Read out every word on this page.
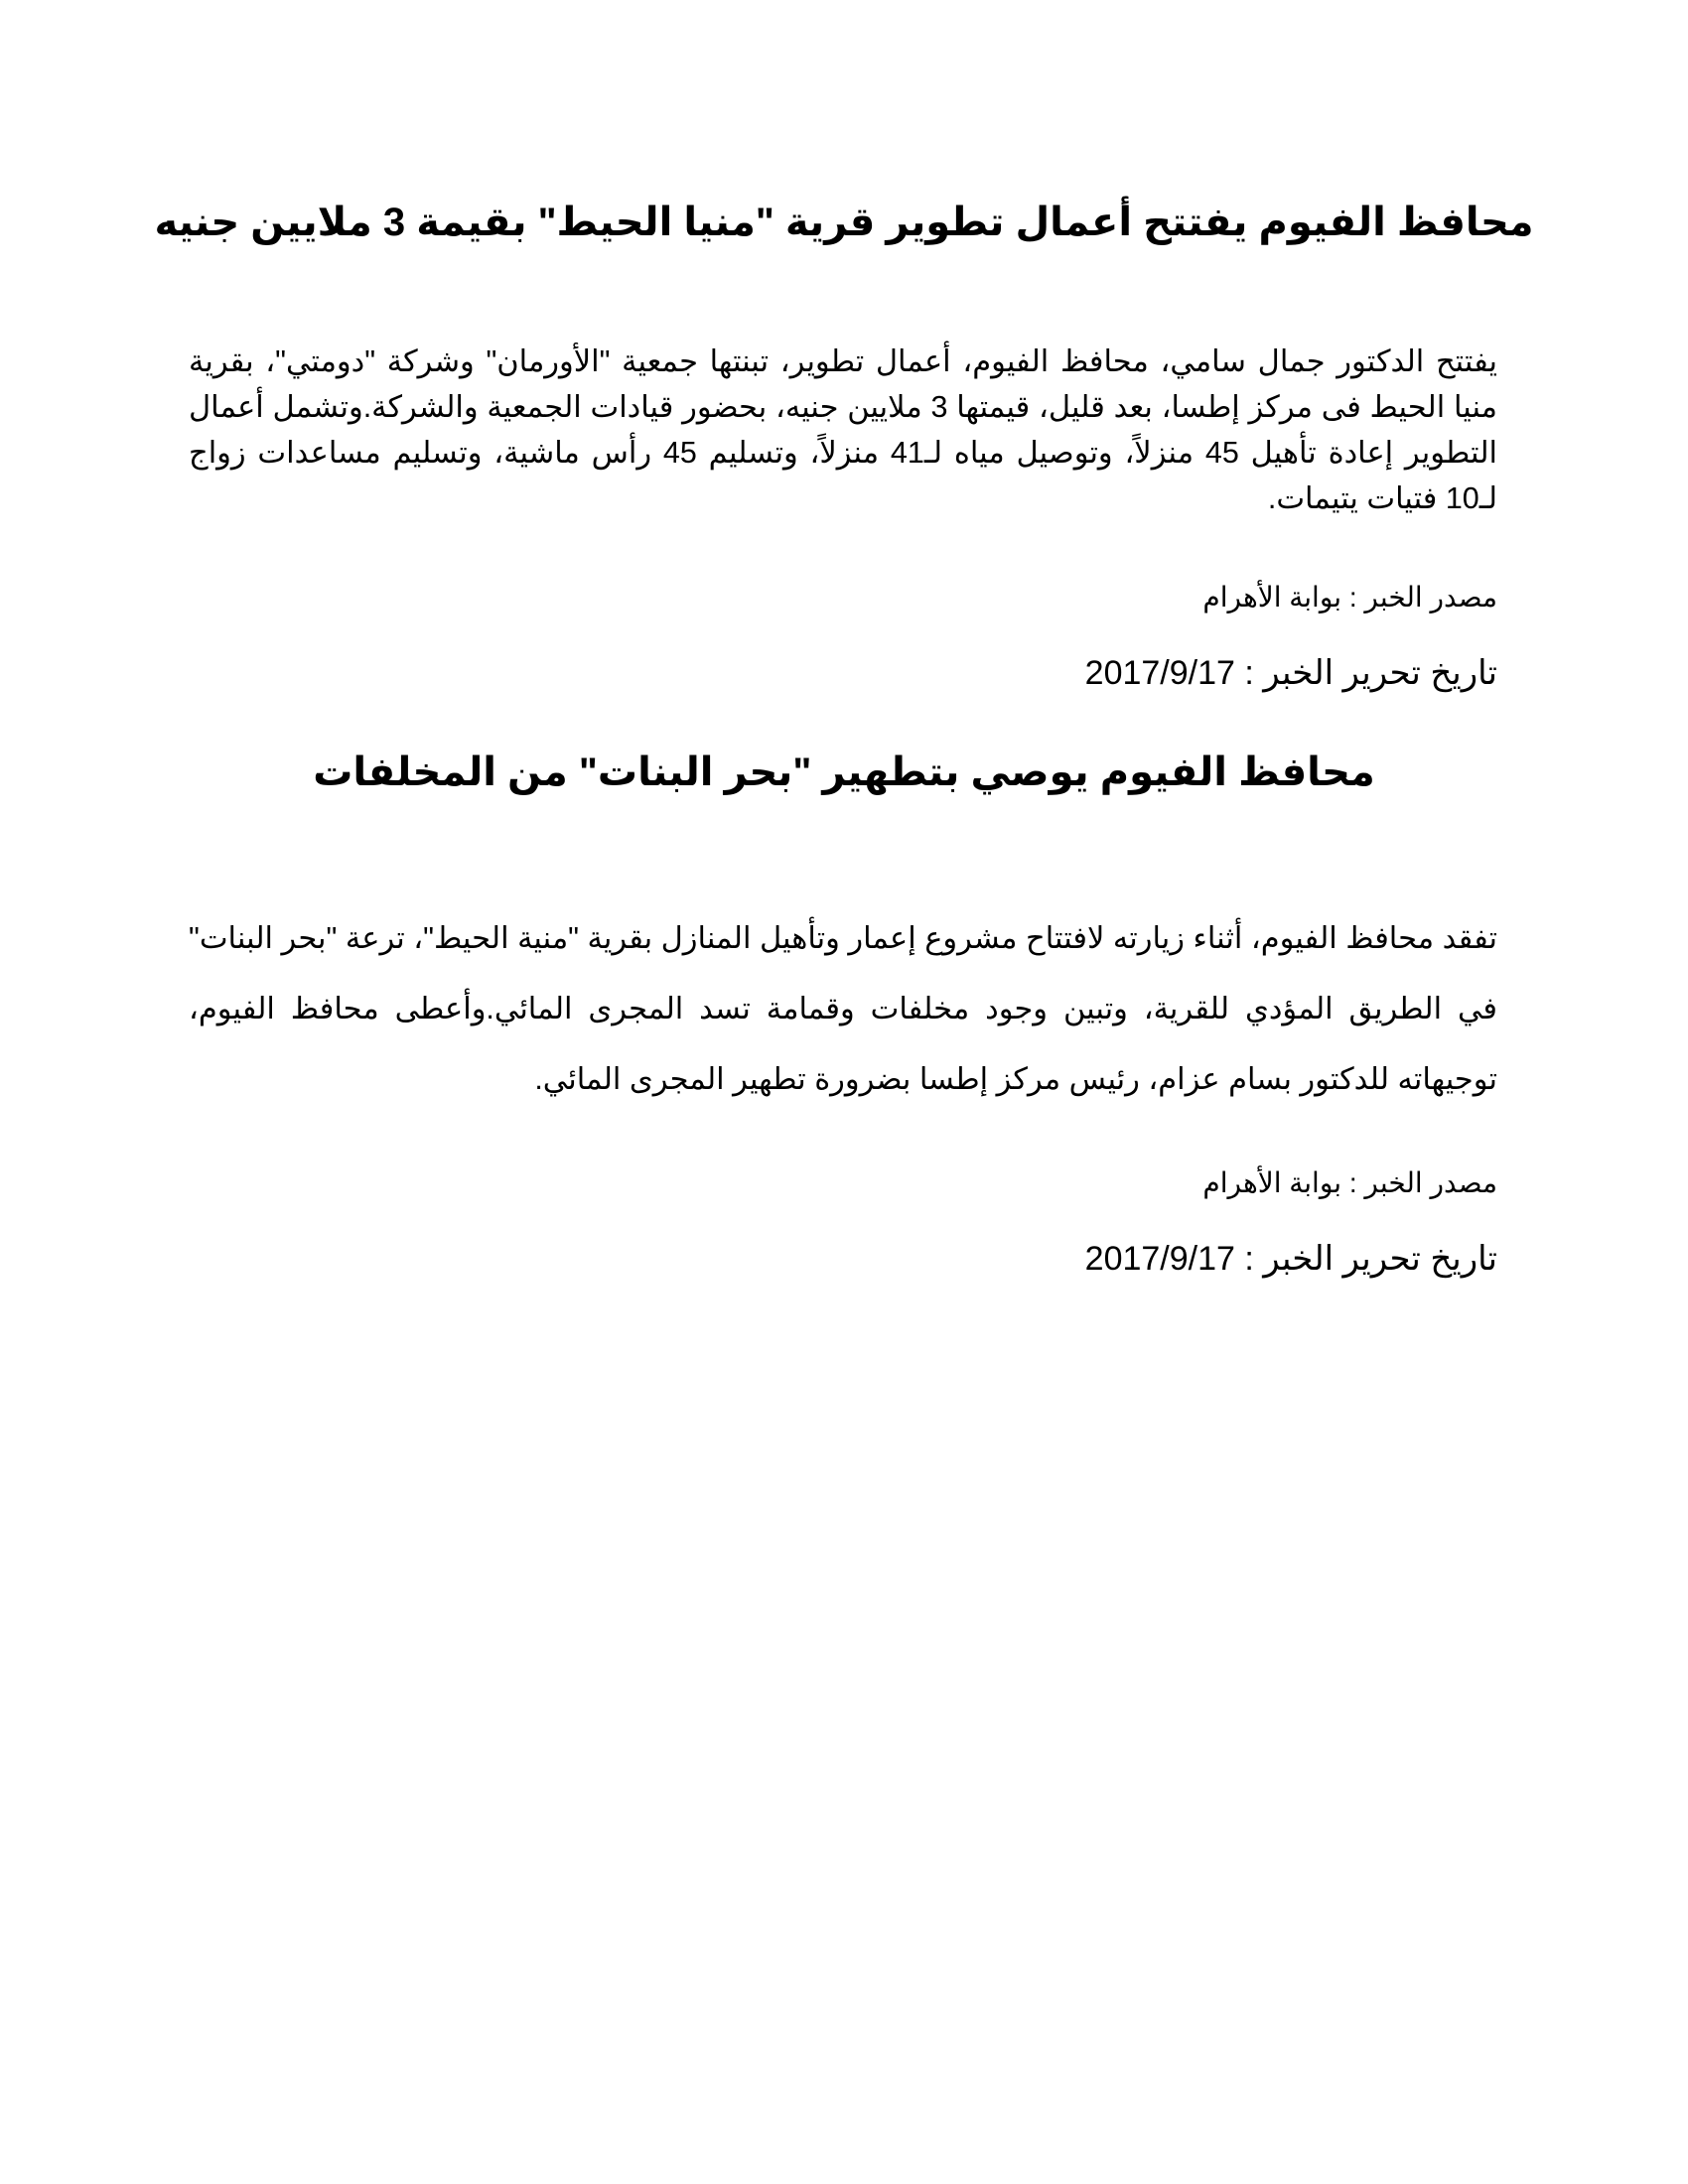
محافظ الفيوم يفتتح أعمال تطوير قرية "منيا الحيط" بقيمة 3 ملايين جنيه

يفتتح الدكتور جمال سامي، محافظ الفيوم، أعمال تطوير، تبنتها جمعية "الأورمان" وشركة "دومتي"، بقرية منيا الحيط فى مركز إطسا، بعد قليل، قيمتها 3 ملايين جنيه، بحضور قيادات الجمعية والشركة.وتشمل أعمال التطوير إعادة تأهيل 45 منزلاً، وتوصيل مياه لـ41 منزلاً، وتسليم 45 رأس ماشية، وتسليم مساعدات زواج لـ10 فتيات يتيمات.

مصدر الخبر : بوابة الأهرام
تاريخ تحرير الخبر : 2017/9/17
محافظ الفيوم يوصي بتطهير "بحر البنات" من المخلفات

تفقد محافظ الفيوم، أثناء زيارته لافتتاح مشروع إعمار وتأهيل المنازل بقرية "منية الحيط"، ترعة "بحر البنات" في الطريق المؤدي للقرية، وتبين وجود مخلفات وقمامة تسد المجرى المائي.وأعطى محافظ الفيوم، توجيهاته للدكتور بسام عزام، رئيس مركز إطسا بضرورة تطهير المجرى المائي.

مصدر الخبر : بوابة الأهرام
تاريخ تحرير الخبر : 2017/9/17
